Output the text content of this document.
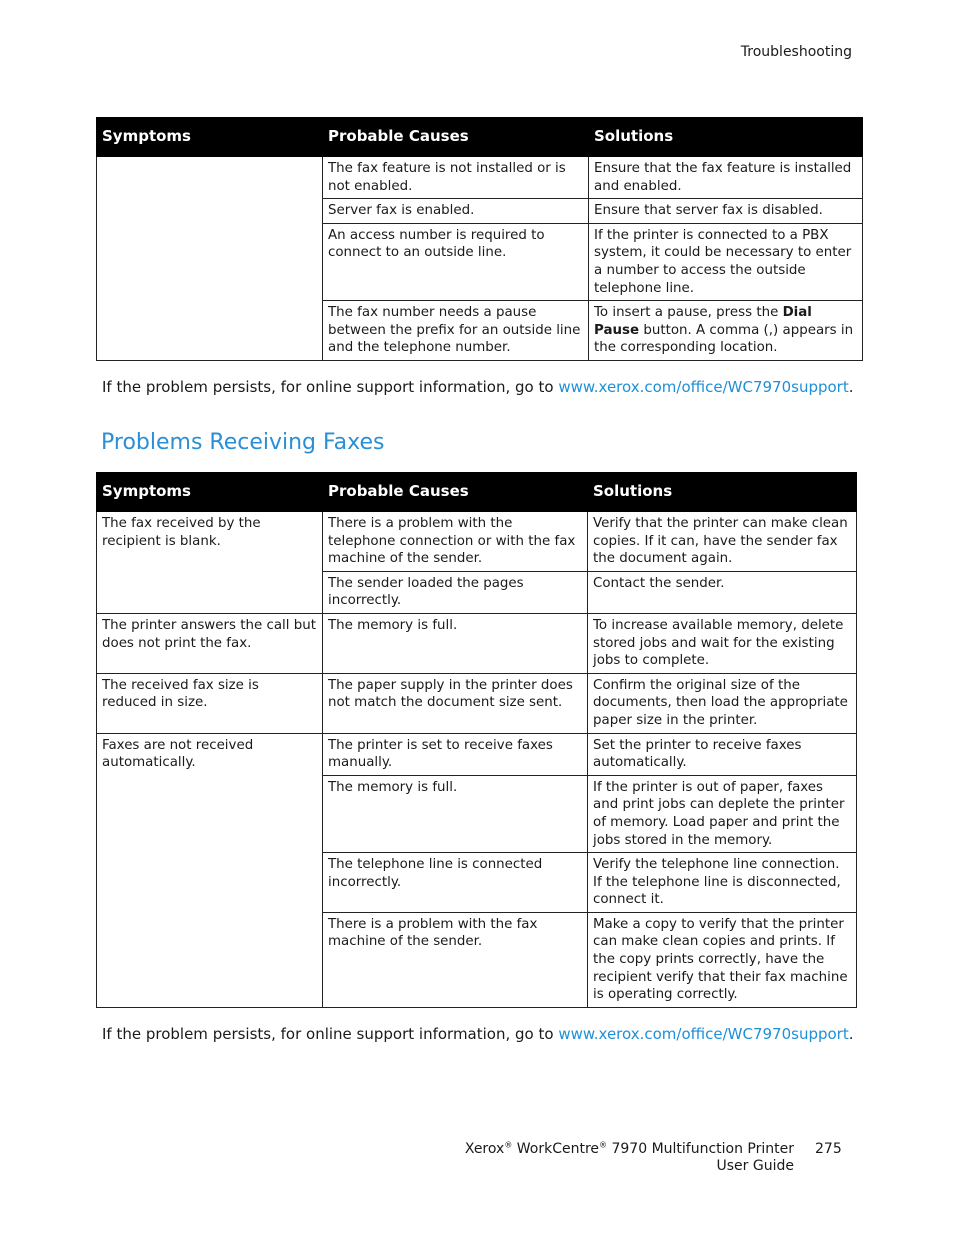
Troubleshooting
Symptoms	Probable Causes	Solutions
	The fax feature is not installed or is not enabled.	Ensure that the fax feature is installed and enabled.
	Server fax is enabled.	Ensure that server fax is disabled.
	An access number is required to connect to an outside line.	If the printer is connected to a PBX system, it could be necessary to enter a number to access the outside telephone line.
	The fax number needs a pause between the prefix for an outside line and the telephone number.	To insert a pause, press the Dial Pause button. A comma (,) appears in the corresponding location.
If the problem persists, for online support information, go to www.xerox.com/office/WC7970support.
Problems Receiving Faxes
Symptoms	Probable Causes	Solutions
The fax received by the recipient is blank.	There is a problem with the telephone connection or with the fax machine of the sender.	Verify that the printer can make clean copies. If it can, have the sender fax the document again.
	The sender loaded the pages incorrectly.	Contact the sender.
The printer answers the call but does not print the fax.	The memory is full.	To increase available memory, delete stored jobs and wait for the existing jobs to complete.
The received fax size is reduced in size.	The paper supply in the printer does not match the document size sent.	Confirm the original size of the documents, then load the appropriate paper size in the printer.
Faxes are not received automatically.	The printer is set to receive faxes manually.	Set the printer to receive faxes automatically.
	The memory is full.	If the printer is out of paper, faxes and print jobs can deplete the printer of memory. Load paper and print the jobs stored in the memory.
	The telephone line is connected incorrectly.	Verify the telephone line connection. If the telephone line is disconnected, connect it.
	There is a problem with the fax machine of the sender.	Make a copy to verify that the printer can make clean copies and prints. If the copy prints correctly, have the recipient verify that their fax machine is operating correctly.
If the problem persists, for online support information, go to www.xerox.com/office/WC7970support.
Xerox® WorkCentre® 7970 Multifunction Printer
User Guide
275
